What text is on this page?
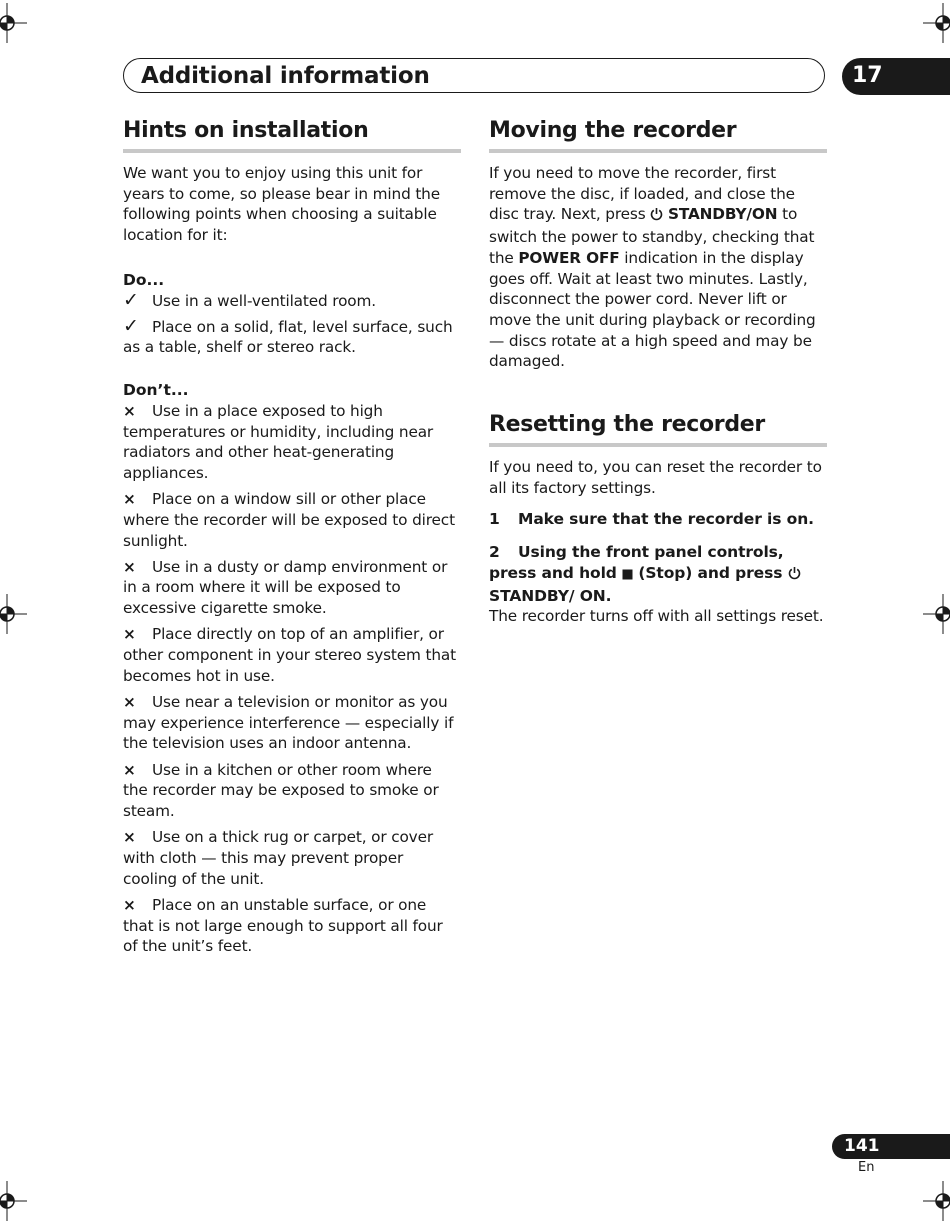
Additional information	17
Hints on installation

We want you to enjoy using this unit for years to come, so please bear in mind the following points when choosing a suitable location for it:

Do...

✓ Use in a well-ventilated room.

✓ Place on a solid, flat, level surface, such as a table, shelf or stereo rack.

Don’t...

× Use in a place exposed to high temperatures or humidity, including near radiators and other heat-generating appliances.

× Place on a window sill or other place where the recorder will be exposed to direct sunlight.

× Use in a dusty or damp environment or in a room where it will be exposed to excessive cigarette smoke.

× Place directly on top of an amplifier, or other component in your stereo system that becomes hot in use.

× Use near a television or monitor as you may experience interference — especially if the television uses an indoor antenna.

× Use in a kitchen or other room where the recorder may be exposed to smoke or steam.

× Use on a thick rug or carpet, or cover with cloth — this may prevent proper cooling of the unit.

× Place on an unstable surface, or one that is not large enough to support all four of the unit’s feet.

Moving the recorder

If you need to move the recorder, first remove the disc, if loaded, and close the disc tray. Next, press STANDBY/ON to switch the power to standby, checking that the POWER OFF indication in the display goes off. Wait at least two minutes. Lastly, disconnect the power cord. Never lift or move the unit during playback or recording — discs rotate at a high speed and may be damaged.

Resetting the recorder

If you need to, you can reset the recorder to all its factory settings.

1 Make sure that the recorder is on.

2 Using the front panel controls, press and hold (Stop) and press  STANDBY/ ON.

The recorder turns off with all settings reset.

141
En
